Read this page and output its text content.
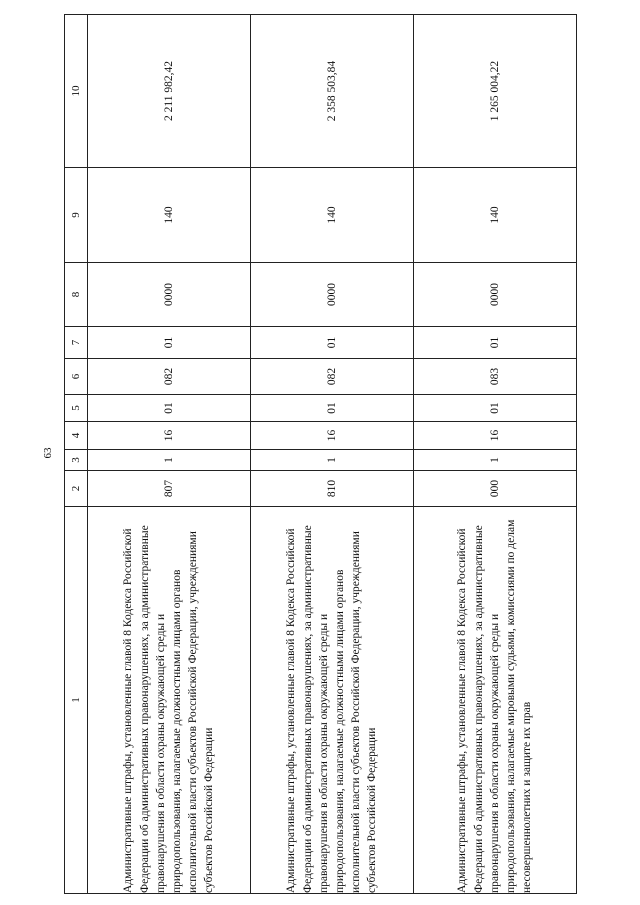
63
1	2	3	4	5	6	7	8	9	10
Административные штрафы, установленные главой 8 Кодекса Российской Федерации об административных правонарушениях, за административные правонарушения в области охраны окружающей среды и природопользования, налагаемые должностными лицами органов исполнительной власти субъектов Российской Федерации, учреждениями субъектов Российской Федерации	807	1	16	01	082	01	0000	140	2 211 982,42
Административные штрафы, установленные главой 8 Кодекса Российской Федерации об административных правонарушениях, за административные правонарушения в области охраны окружающей среды и природопользования, налагаемые должностными лицами органов исполнительной власти субъектов Российской Федерации, учреждениями субъектов Российской Федерации	810	1	16	01	082	01	0000	140	2 358 503,84
Административные штрафы, установленные главой 8 Кодекса Российской Федерации об административных правонарушениях, за административные правонарушения в области охраны окружающей среды и природопользования, налагаемые мировыми судьями, комиссиями по делам несовершеннолетних и защите их прав	000	1	16	01	083	01	0000	140	1 265 004,22
